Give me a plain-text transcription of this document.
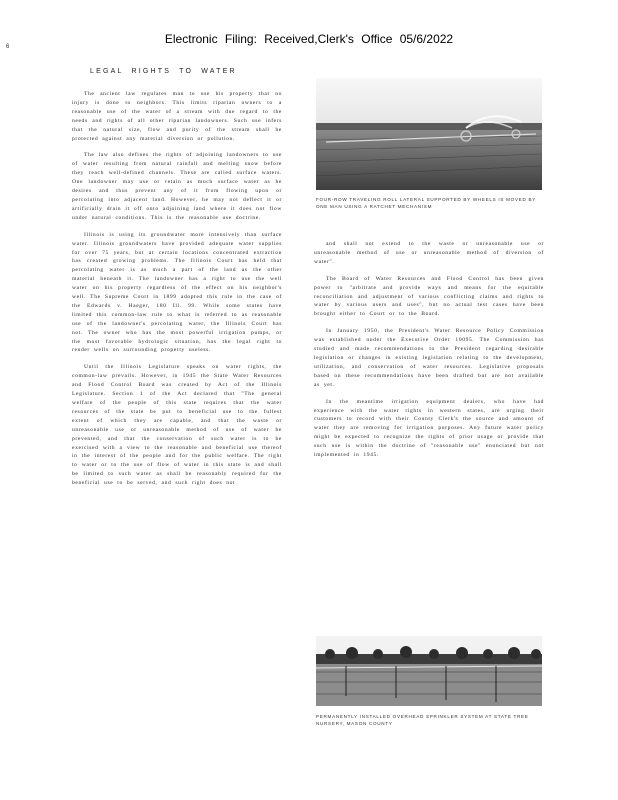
Electronic Filing: Received,Clerk's Office 05/6/2022
6
LEGAL RIGHTS TO WATER

The ancient law regulates man to use his property that no injury is done to neighbors. This limits riparian owners to a reasonable use of the water of a stream with due regard to the needs and rights of all other riparian landowners. Such use infers that the natural size, flow and purity of the stream shall be protected against any material diversion or pollution.

The law also defines the rights of adjoining landowners to use of water resulting from natural rainfall and melting snow before they reach well-defined channels. These are called surface waters. One landowner may use or retain as much surface water as he desires and thus prevent any of it from flowing upon or percolating into adjacent land. However, he may not deflect it or artificially drain it off onto adjoining land where it does not flow under natural conditions. This is the reasonable use doctrine.

Illinois is using its groundwater more intensively than surface water. Illinois groundwaters have provided adequate water supplies for over 75 years, but at certain locations concentrated extraction has created growing problems. The Illinois Court has held that percolating water is as much a part of the land as the other material beneath it. The landowner has a right to use the well water on his property regardless of the effect on his neighbor's well. The Supreme Court in 1899 adopted this rule in the case of the Edwards v. Haeger, 180 Ill. 99. While some states have limited this common-law rule to what is referred to as reasonable use of the landowner's percolating water, the Illinois Court has not. The owner who has the most powerful irrigation pumps, or the most favorable hydrologic situation, has the legal right to render wells on surrounding property useless.

Until the Illinois Legislature speaks on water rights, the common-law prevails. However, in 1945 the State Water Resources and Flood Control Board was created by Act of the Illinois Legislature. Section 1 of the Act declared that "The general welfare of the people of this state requires that the water resources of the state be put to beneficial use to the fullest extent of which they are capable, and that the waste or unreasonable use or unreasonable method of use of water be prevented, and that the conservation of such water is to be exercised with a view to the reasonable and beneficial use thereof in the interest of the people and for the public welfare. The right to water or to the use of flow of water in this state is and shall be limited to such water as shall be reasonably required for the beneficial use to be served, and such right does not

FOUR-ROW TRAVELING ROLL LATERAL SUPPORTED BY WHEELS IS MOVED BY ONE MAN USING A RATCHET MECHANISM

and shall not extend to the waste or unreasonable use or unreasonable method of use or unreasonable method of diversion of water".

The Board of Water Resources and Flood Control has been given power to "arbitrate and provide ways and means for the equitable reconciliation and adjustment of various conflicting claims and rights to water by various users and uses", but no actual test cases have been brought either to Court or to the Board.

In January 1950, the President's Water Resource Policy Commission was established under the Executive Order 10095. The Commission has studied and made recommendations to the President regarding desirable legislation or changes in existing legislation relating to the development, utilization, and conservation of water resources. Legislative proposals based on these recommendations have been drafted but are not available as yet.

In the meantime irrigation equipment dealers, who have had experience with the water rights in western states, are urging their customers to record with their County Clerk's the source and amount of water they are removing for irrigation purposes. Any future water policy might be expected to recognize the rights of prior usage or provide that such use is within the doctrine of "reasonable use" enunciated but not implemented in 1945.

PERMANENTLY INSTALLED OVERHEAD SPRINKLER SYSTEM AT STATE TREE NURSERY, MASON COUNTY
